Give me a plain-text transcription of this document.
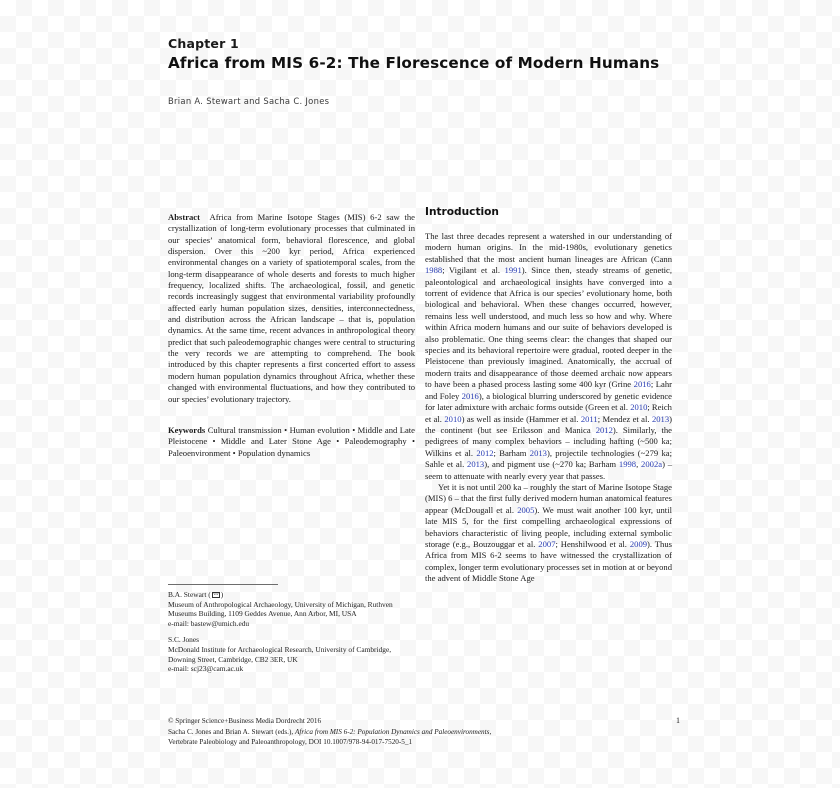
Chapter 1
Africa from MIS 6-2: The Florescence of Modern Humans
Brian A. Stewart and Sacha C. Jones

Abstract Africa from Marine Isotope Stages (MIS) 6-2 saw the crystallization of long-term evolutionary processes that culminated in our species’ anatomical form, behavioral florescence, and global dispersion. Over this ~200 kyr period, Africa experienced environmental changes on a variety of spatiotemporal scales, from the long-term disappearance of whole deserts and forests to much higher frequency, localized shifts. The archaeological, fossil, and genetic records increasingly suggest that environmental variability profoundly affected early human population sizes, densities, interconnectedness, and distribution across the African landscape – that is, population dynamics. At the same time, recent advances in anthropological theory predict that such paleodemographic changes were central to structuring the very records we are attempting to comprehend. The book introduced by this chapter represents a first concerted effort to assess modern human population dynamics throughout Africa, whether these changed with environmental fluctuations, and how they contributed to our species’ evolutionary trajectory.

Keywords Cultural transmission • Human evolution • Middle and Late Pleistocene • Middle and Later Stone Age • Paleodemography • Paleoenvironment • Population dynamics

Introduction

The last three decades represent a watershed in our understanding of modern human origins. In the mid-1980s, evolutionary genetics established that the most ancient human lineages are African (Cann 1988; Vigilant et al. 1991). Since then, steady streams of genetic, paleontological and archaeological insights have converged into a torrent of evidence that Africa is our species’ evolutionary home, both biological and behavioral. When these changes occurred, however, remains less well understood, and much less so how and why. Where within Africa modern humans and our suite of behaviors developed is also problematic. One thing seems clear: the changes that shaped our species and its behavioral repertoire were gradual, rooted deeper in the Pleistocene than previously imagined. Anatomically, the accrual of modern traits and disappearance of those deemed archaic now appears to have been a phased process lasting some 400 kyr (Grine 2016; Lahr and Foley 2016), a biological blurring underscored by genetic evidence for later admixture with archaic forms outside (Green et al. 2010; Reich et al. 2010) as well as inside (Hammer et al. 2011; Mendez et al. 2013) the continent (but see Eriksson and Manica 2012). Similarly, the pedigrees of many complex behaviors – including hafting (~500 ka; Wilkins et al. 2012; Barham 2013), projectile technologies (~279 ka; Sahle et al. 2013), and pigment use (~270 ka; Barham 1998, 2002a) – seem to attenuate with nearly every year that passes.

Yet it is not until 200 ka – roughly the start of Marine Isotope Stage (MIS) 6 – that the first fully derived modern human anatomical features appear (McDougall et al. 2005). We must wait another 100 kyr, until late MIS 5, for the first compelling archaeological expressions of behaviors characteristic of living people, including external symbolic storage (e.g., Bouzouggar et al. 2007; Henshilwood et al. 2009). Thus Africa from MIS 6-2 seems to have witnessed the crystallization of complex, longer term evolutionary processes set in motion at or beyond the advent of Middle Stone Age

B.A. Stewart ( )
Museum of Anthropological Archaeology, University of Michigan, Ruthven Museums Building, 1109 Geddes Avenue, Ann Arbor, MI, USA
e-mail: bastew@umich.edu
S.C. Jones
McDonald Institute for Archaeological Research, University of Cambridge, Downing Street, Cambridge, CB2 3ER, UK
e-mail: scj23@cam.ac.uk
© Springer Science+Business Media Dordrecht 2016
Sacha C. Jones and Brian A. Stewart (eds.), Africa from MIS 6-2: Population Dynamics and Paleoenvironments,
Vertebrate Paleobiology and Paleoanthropology, DOI 10.1007/978-94-017-7520-5_1
1
